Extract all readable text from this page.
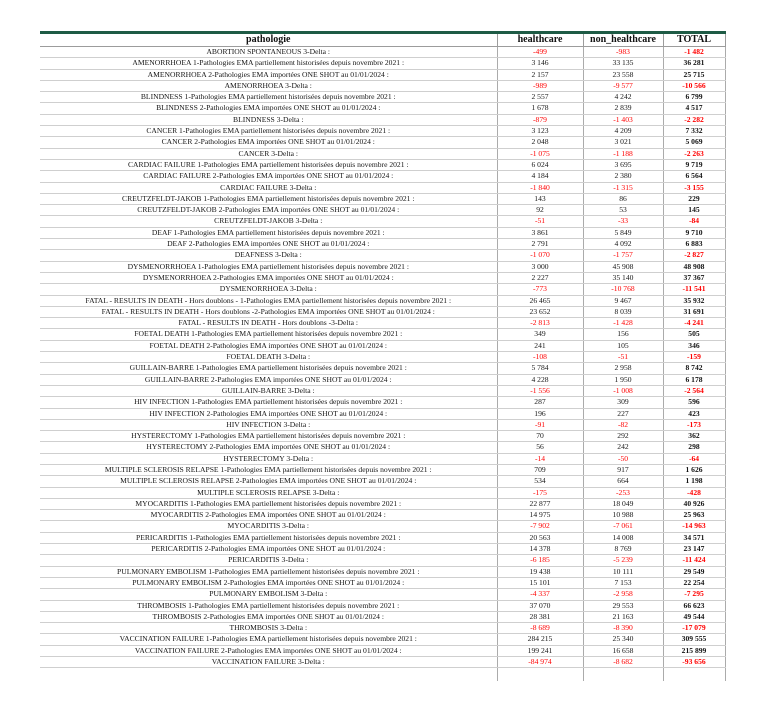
pathologie	healthcare	non_healthcare	TOTAL
ABORTION SPONTANEOUS 3-Delta :	-499	-983	-1 482
AMENORRHOEA 1-Pathologies EMA partiellement historisées depuis novembre 2021 :	3 146	33 135	36 281
AMENORRHOEA 2-Pathologies EMA importées ONE SHOT au 01/01/2024 :	2 157	23 558	25 715
AMENORRHOEA 3-Delta :	-989	-9 577	-10 566
BLINDNESS 1-Pathologies EMA partiellement historisées depuis novembre 2021 :	2 557	4 242	6 799
BLINDNESS 2-Pathologies EMA importées ONE SHOT au 01/01/2024 :	1 678	2 839	4 517
BLINDNESS 3-Delta :	-879	-1 403	-2 282
CANCER 1-Pathologies EMA partiellement historisées depuis novembre 2021 :	3 123	4 209	7 332
CANCER 2-Pathologies EMA importées ONE SHOT au 01/01/2024 :	2 048	3 021	5 069
CANCER 3-Delta :	-1 075	-1 188	-2 263
CARDIAC FAILURE 1-Pathologies EMA partiellement historisées depuis novembre 2021 :	6 024	3 695	9 719
CARDIAC FAILURE 2-Pathologies EMA importées ONE SHOT au 01/01/2024 :	4 184	2 380	6 564
CARDIAC FAILURE 3-Delta :	-1 840	-1 315	-3 155
CREUTZFELDT-JAKOB 1-Pathologies EMA partiellement historisées depuis novembre 2021 :	143	86	229
CREUTZFELDT-JAKOB 2-Pathologies EMA importées ONE SHOT au 01/01/2024 :	92	53	145
CREUTZFELDT-JAKOB 3-Delta :	-51	-33	-84
DEAF 1-Pathologies EMA partiellement historisées depuis novembre 2021 :	3 861	5 849	9 710
DEAF 2-Pathologies EMA importées ONE SHOT au 01/01/2024 :	2 791	4 092	6 883
DEAFNESS 3-Delta :	-1 070	-1 757	-2 827
DYSMENORRHOEA 1-Pathologies EMA partiellement historisées depuis novembre 2021 :	3 000	45 908	48 908
DYSMENORRHOEA 2-Pathologies EMA importées ONE SHOT au 01/01/2024 :	2 227	35 140	37 367
DYSMENORRHOEA 3-Delta :	-773	-10 768	-11 541
FATAL - RESULTS IN DEATH - Hors doublons - 1-Pathologies EMA partiellement historisées depuis novembre 2021 :	26 465	9 467	35 932
FATAL - RESULTS IN DEATH - Hors doublons -2-Pathologies EMA importées ONE SHOT au 01/01/2024 :	23 652	8 039	31 691
FATAL - RESULTS IN DEATH - Hors doublons -3-Delta :	-2 813	-1 428	-4 241
FOETAL DEATH 1-Pathologies EMA partiellement historisées depuis novembre 2021 :	349	156	505
FOETAL DEATH 2-Pathologies EMA importées ONE SHOT au 01/01/2024 :	241	105	346
FOETAL DEATH 3-Delta :	-108	-51	-159
GUILLAIN-BARRE 1-Pathologies EMA partiellement historisées depuis novembre 2021 :	5 784	2 958	8 742
GUILLAIN-BARRE 2-Pathologies EMA importées ONE SHOT au 01/01/2024 :	4 228	1 950	6 178
GUILLAIN-BARRE 3-Delta :	-1 556	-1 008	-2 564
HIV INFECTION 1-Pathologies EMA partiellement historisées depuis novembre 2021 :	287	309	596
HIV INFECTION 2-Pathologies EMA importées ONE SHOT au 01/01/2024 :	196	227	423
HIV INFECTION 3-Delta :	-91	-82	-173
HYSTERECTOMY 1-Pathologies EMA partiellement historisées depuis novembre 2021 :	70	292	362
HYSTERECTOMY 2-Pathologies EMA importées ONE SHOT au 01/01/2024 :	56	242	298
HYSTERECTOMY 3-Delta :	-14	-50	-64
MULTIPLE SCLEROSIS RELAPSE 1-Pathologies EMA partiellement historisées depuis novembre 2021 :	709	917	1 626
MULTIPLE SCLEROSIS RELAPSE 2-Pathologies EMA importées ONE SHOT au 01/01/2024 :	534	664	1 198
MULTIPLE SCLEROSIS RELAPSE 3-Delta :	-175	-253	-428
MYOCARDITIS 1-Pathologies EMA partiellement historisées depuis novembre 2021 :	22 877	18 049	40 926
MYOCARDITIS 2-Pathologies EMA importées ONE SHOT au 01/01/2024 :	14 975	10 988	25 963
MYOCARDITIS 3-Delta :	-7 902	-7 061	-14 963
PERICARDITIS 1-Pathologies EMA partiellement historisées depuis novembre 2021 :	20 563	14 008	34 571
PERICARDITIS 2-Pathologies EMA importées ONE SHOT au 01/01/2024 :	14 378	8 769	23 147
PERICARDITIS 3-Delta :	-6 185	-5 239	-11 424
PULMONARY EMBOLISM 1-Pathologies EMA partiellement historisées depuis novembre 2021 :	19 438	10 111	29 549
PULMONARY EMBOLISM 2-Pathologies EMA importées ONE SHOT au 01/01/2024 :	15 101	7 153	22 254
PULMONARY EMBOLISM 3-Delta :	-4 337	-2 958	-7 295
THROMBOSIS 1-Pathologies EMA partiellement historisées depuis novembre 2021 :	37 070	29 553	66 623
THROMBOSIS 2-Pathologies EMA importées ONE SHOT au 01/01/2024 :	28 381	21 163	49 544
THROMBOSIS 3-Delta :	-8 689	-8 390	-17 079
VACCINATION FAILURE 1-Pathologies EMA partiellement historisées depuis novembre 2021 :	284 215	25 340	309 555
VACCINATION FAILURE 2-Pathologies EMA importées ONE SHOT au 01/01/2024 :	199 241	16 658	215 899
VACCINATION FAILURE 3-Delta :	-84 974	-8 682	-93 656
